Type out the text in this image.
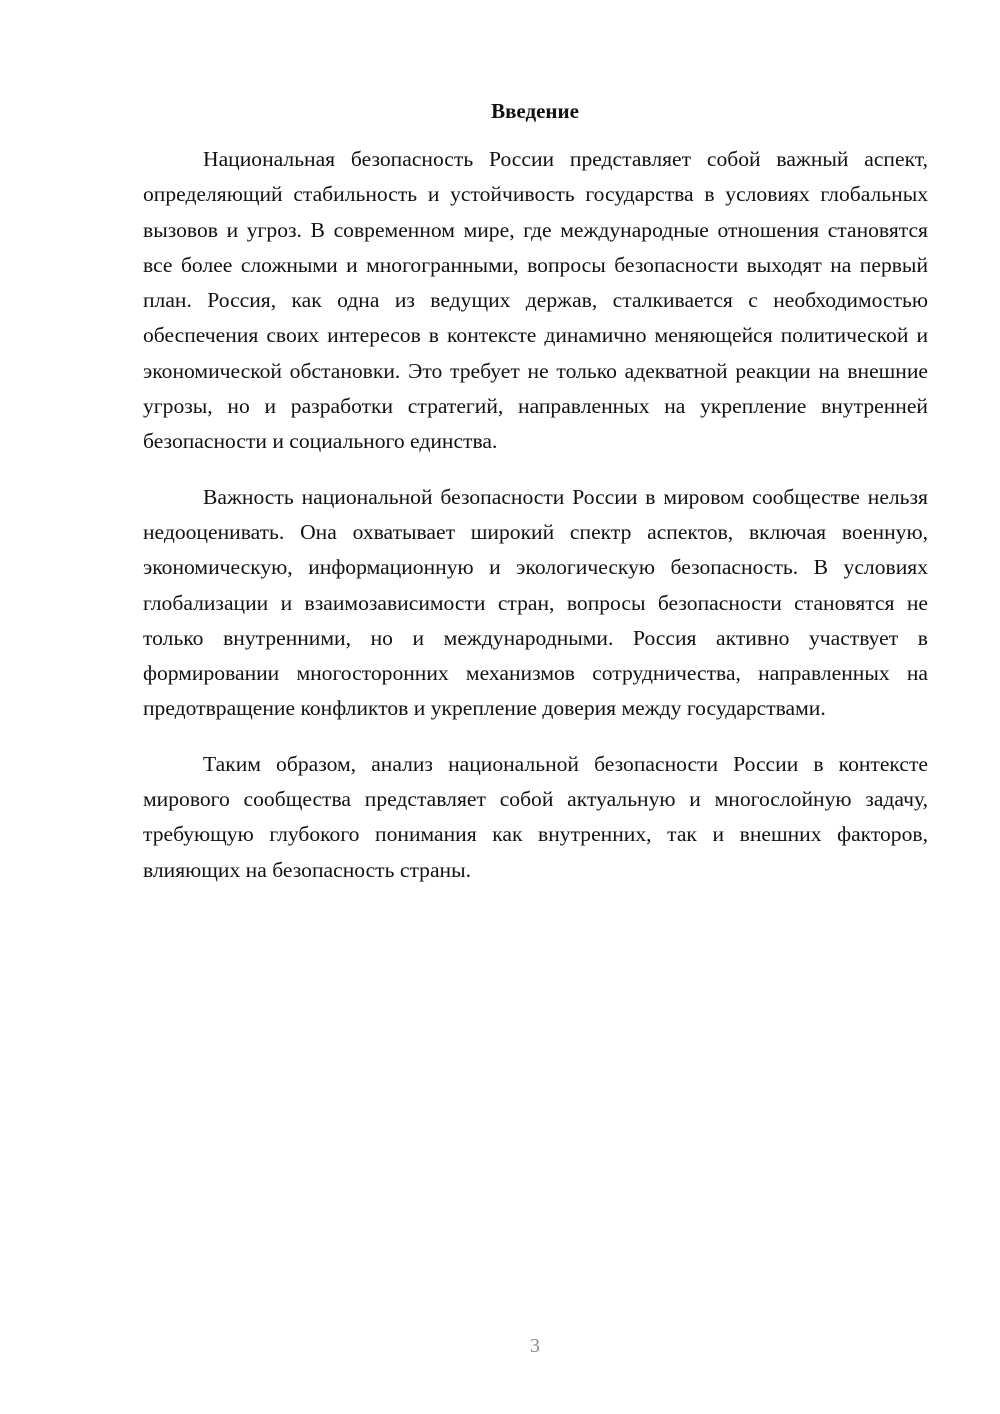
Введение

Национальная безопасность России представляет собой важный аспект, определяющий стабильность и устойчивость государства в условиях глобальных вызовов и угроз. В современном мире, где международные отношения становятся все более сложными и многогранными, вопросы безопасности выходят на первый план. Россия, как одна из ведущих держав, сталкивается с необходимостью обеспечения своих интересов в контексте динамично меняющейся политической и экономической обстановки. Это требует не только адекватной реакции на внешние угрозы, но и разработки стратегий, направленных на укрепление внутренней безопасности и социального единства.

Важность национальной безопасности России в мировом сообществе нельзя недооценивать. Она охватывает широкий спектр аспектов, включая военную, экономическую, информационную и экологическую безопасность. В условиях глобализации и взаимозависимости стран, вопросы безопасности становятся не только внутренними, но и международными. Россия активно участвует в формировании многосторонних механизмов сотрудничества, направленных на предотвращение конфликтов и укрепление доверия между государствами.

Таким образом, анализ национальной безопасности России в контексте мирового сообщества представляет собой актуальную и многослойную задачу, требующую глубокого понимания как внутренних, так и внешних факторов, влияющих на безопасность страны.

3
